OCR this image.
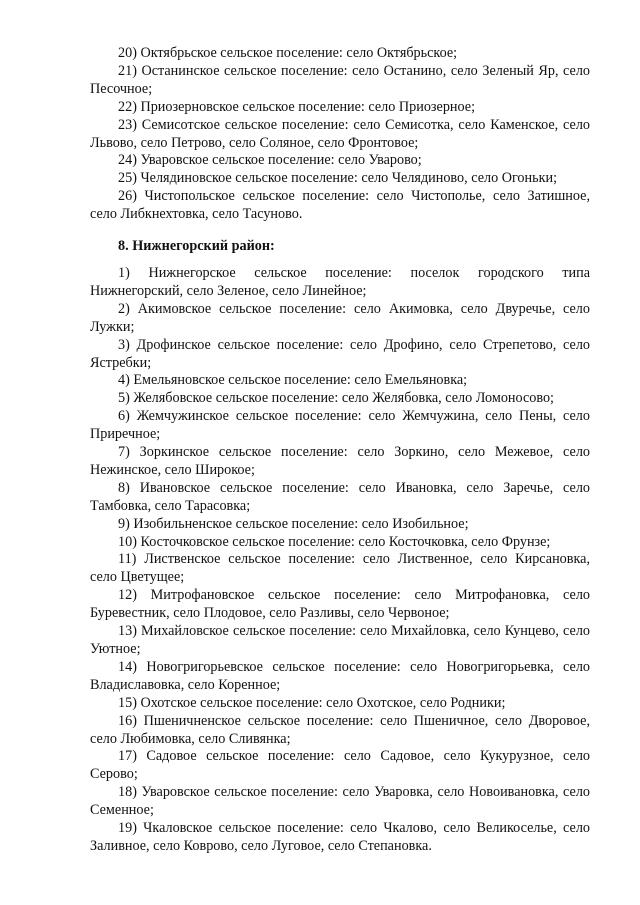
20) Октябрьское сельское поселение: село Октябрьское;

21) Останинское сельское поселение: село Останино, село Зеленый Яр, село Песочное;

22) Приозерновское сельское поселение: село Приозерное;

23) Семисотское сельское поселение: село Семисотка, село Каменское, село Львово, село Петрово, село Соляное, село Фронтовое;

24) Уваровское сельское поселение: село Уварово;

25) Челядиновское сельское поселение: село Челядиново, село Огоньки;

26) Чистопольское сельское поселение: село Чистополье, село Затишное, село Либкнехтовка, село Тасуново.

8. Нижнегорский район:

1) Нижнегорское сельское поселение: поселок городского типа Нижнегорский, село Зеленое, село Линейное;

2) Акимовское сельское поселение: село Акимовка, село Двуречье, село Лужки;

3) Дрофинское сельское поселение: село Дрофино, село Стрепетово, село Ястребки;

4) Емельяновское сельское поселение: село Емельяновка;

5) Желябовское сельское поселение: село Желябовка, село Ломоносово;

6) Жемчужинское сельское поселение: село Жемчужина, село Пены, село Приречное;

7) Зоркинское сельское поселение: село Зоркино, село Межевое, село Нежинское, село Широкое;

8) Ивановское сельское поселение: село Ивановка, село Заречье, село Тамбовка, село Тарасовка;

9) Изобильненское сельское поселение: село Изобильное;

10) Косточковское сельское поселение: село Косточковка, село Фрунзе;

11) Лиственское сельское поселение: село Лиственное, село Кирсановка, село Цветущее;

12) Митрофановское сельское поселение: село Митрофановка, село Буревестник, село Плодовое, село Разливы, село Червоное;

13) Михайловское сельское поселение: село Михайловка, село Кунцево, село Уютное;

14) Новогригорьевское сельское поселение: село Новогригорьевка, село Владиславовка, село Коренное;

15) Охотское сельское поселение: село Охотское, село Родники;

16) Пшеничненское сельское поселение: село Пшеничное, село Дворовое, село Любимовка, село Сливянка;

17) Садовое сельское поселение: село Садовое, село Кукурузное, село Серово;

18) Уваровское сельское поселение: село Уваровка, село Новоивановка, село Семенное;

19) Чкаловское сельское поселение: село Чкалово, село Великоселье, село Заливное, село Коврово, село Луговое, село Степановка.
